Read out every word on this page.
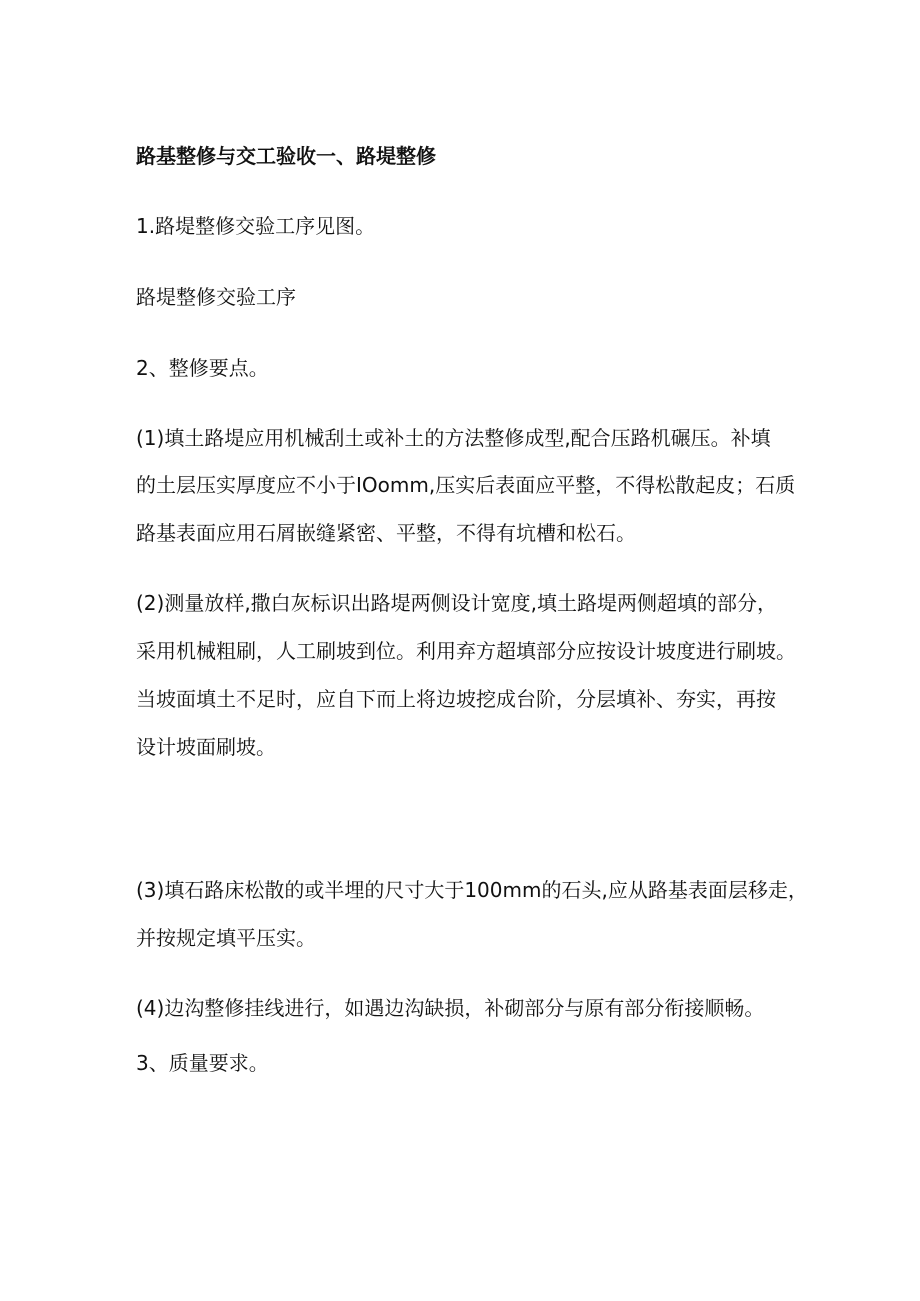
路基整修与交工验收一、路堤整修

1.路堤整修交验工序见图。

路堤整修交验工序

2、整修要点。

(1)填土路堤应用机械刮土或补土的方法整修成型,配合压路机碾压。补填

的土层压实厚度应不小于IOomm,压实后表面应平整，不得松散起皮；石质

路基表面应用石屑嵌缝紧密、平整，不得有坑槽和松石。

(2)测量放样,撒白灰标识出路堤两侧设计宽度,填土路堤两侧超填的部分，

采用机械粗刷，人工刷坡到位。利用弃方超填部分应按设计坡度进行刷坡。

当坡面填土不足时，应自下而上将边坡挖成台阶，分层填补、夯实，再按

设计坡面刷坡。

(3)填石路床松散的或半埋的尺寸大于100mm的石头,应从路基表面层移走，

并按规定填平压实。

(4)边沟整修挂线进行，如遇边沟缺损，补砌部分与原有部分衔接顺畅。

3、质量要求。
